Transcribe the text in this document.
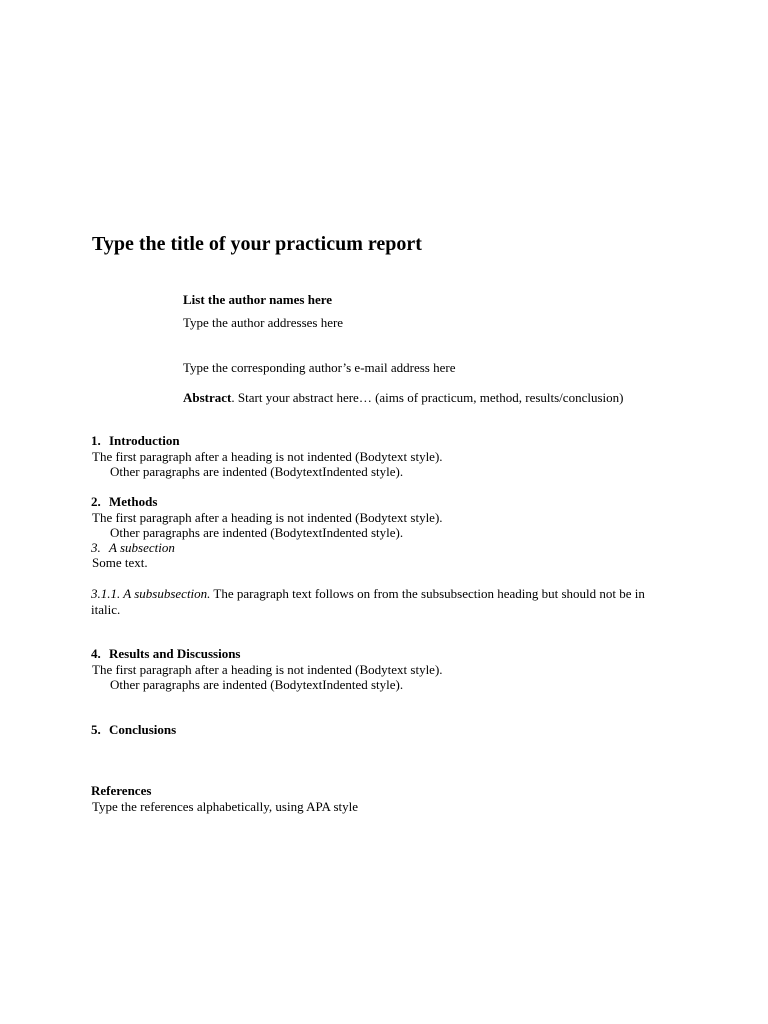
Type the title of your practicum report
List the author names here
Type the author addresses here
Type the corresponding author’s e-mail address here
Abstract. Start your abstract here… (aims of practicum, method, results/conclusion)
1. Introduction
The first paragraph after a heading is not indented (Bodytext style).
Other paragraphs are indented (BodytextIndented style).
2. Methods
The first paragraph after a heading is not indented (Bodytext style).
Other paragraphs are indented (BodytextIndented style).
3. A subsection
Some text.
3.1.1. A subsubsection. The paragraph text follows on from the subsubsection heading but should not be in italic.
4. Results and Discussions
The first paragraph after a heading is not indented (Bodytext style).
Other paragraphs are indented (BodytextIndented style).
5. Conclusions
References
Type the references alphabetically, using APA style
